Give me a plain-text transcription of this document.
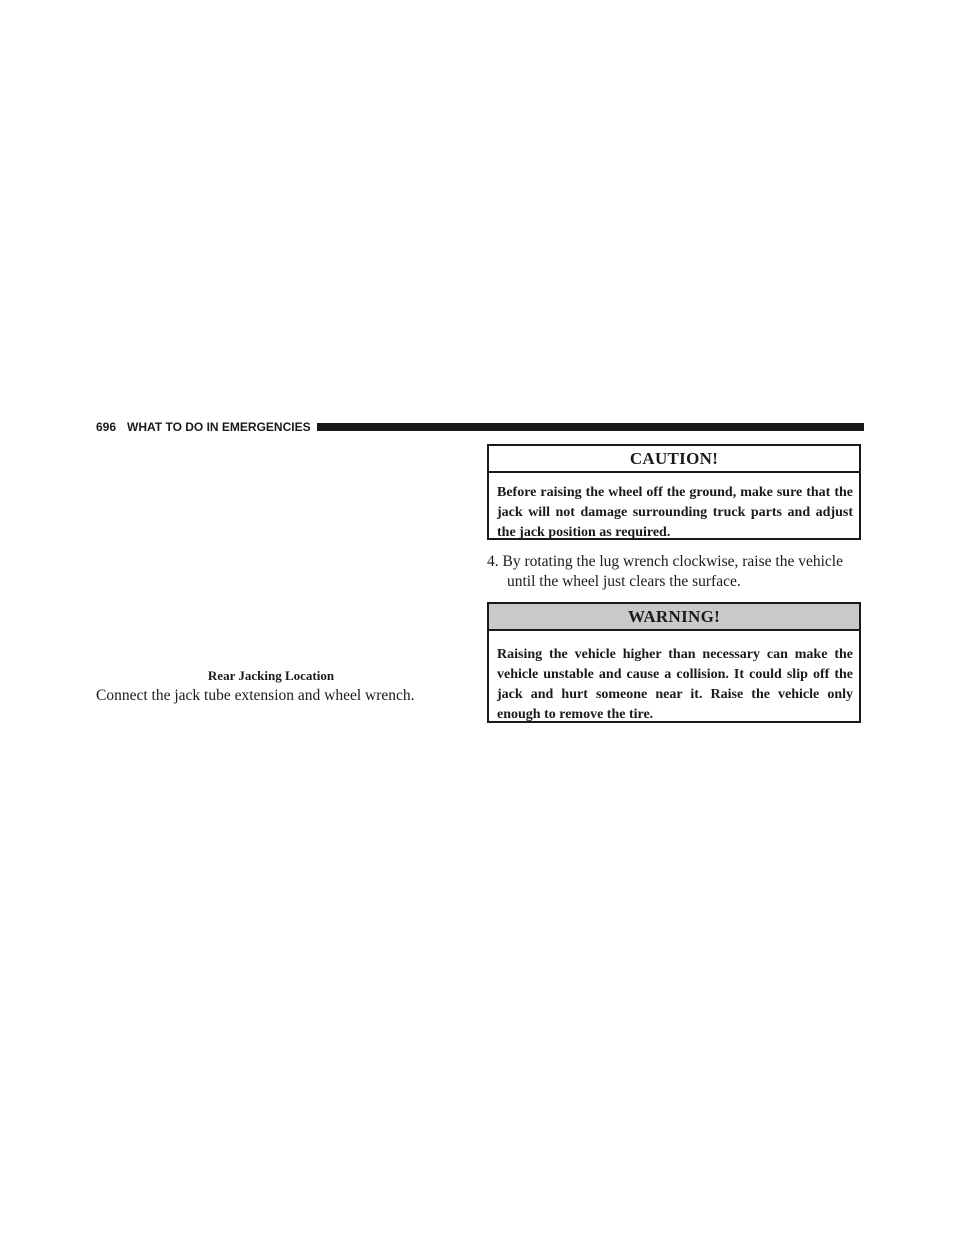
696 WHAT TO DO IN EMERGENCIES
Rear Jacking Location
Connect the jack tube extension and wheel wrench.
CAUTION!
Before raising the wheel off the ground, make sure that the jack will not damage surrounding truck parts and adjust the jack position as required.
4. By rotating the lug wrench clockwise, raise the vehicle
until the wheel just clears the surface.
WARNING!
Raising the vehicle higher than necessary can make the vehicle unstable and cause a collision. It could slip off the jack and hurt someone near it. Raise the vehicle only enough to remove the tire.
